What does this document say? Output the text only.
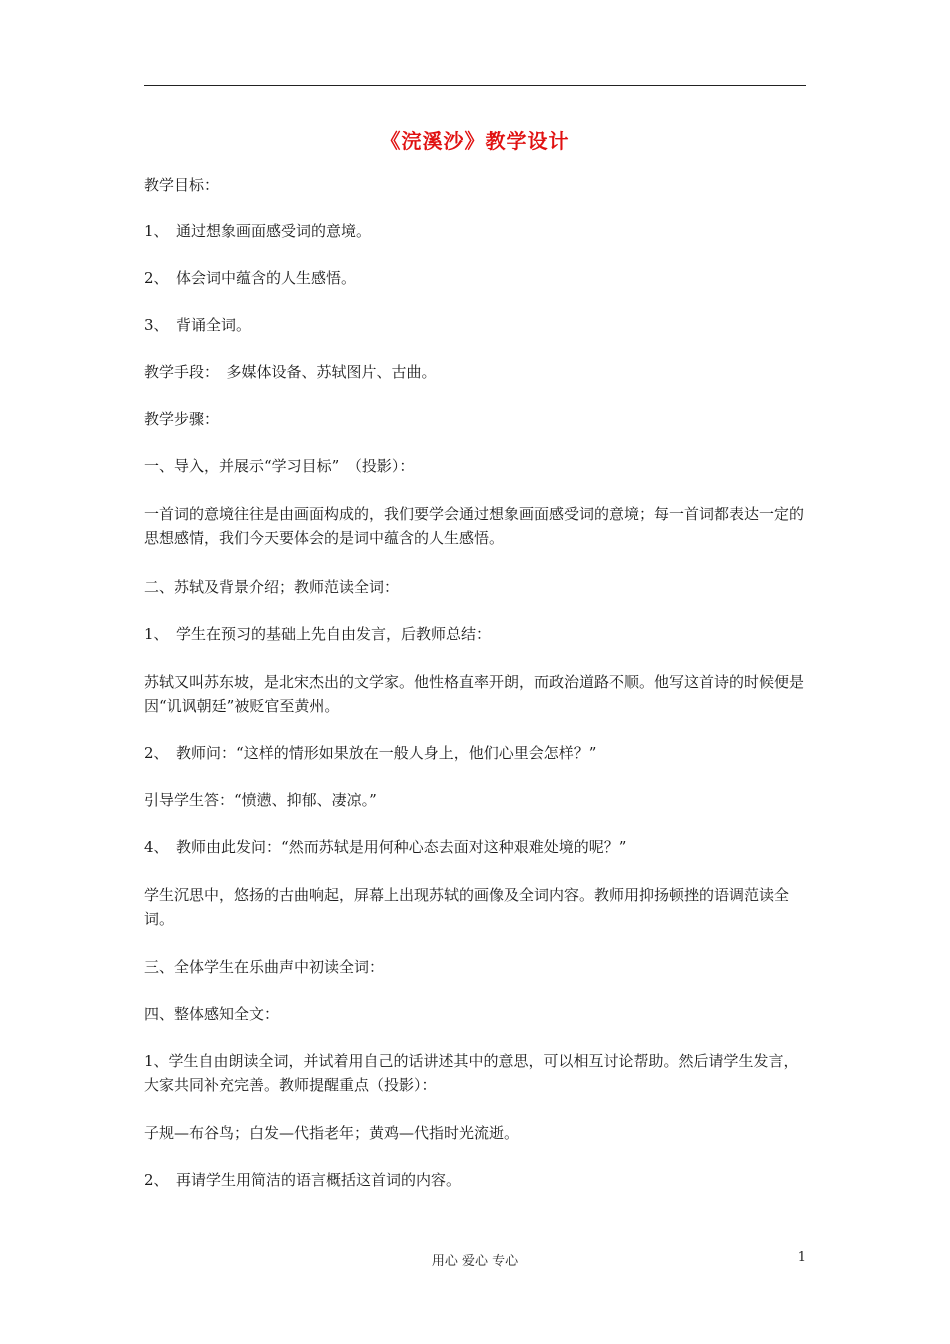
《浣溪沙》教学设计

教学目标：

1、　通过想象画面感受词的意境。

2、　体会词中蕴含的人生感悟。

3、　背诵全词。

教学手段：　多媒体设备、苏轼图片、古曲。

教学步骤：

一、导入，并展示“学习目标”　（投影）：

一首词的意境往往是由画面构成的，我们要学会通过想象画面感受词的意境；每一首词都表达一定的思想感情，我们今天要体会的是词中蕴含的人生感悟。

二、苏轼及背景介绍；教师范读全词：

1、　学生在预习的基础上先自由发言，后教师总结：

苏轼又叫苏东坡，是北宋杰出的文学家。他性格直率开朗，而政治道路不顺。他写这首诗的时候便是因“讥讽朝廷”被贬官至黄州。

2、　教师问：“这样的情形如果放在一般人身上，他们心里会怎样？”

引导学生答：“愤懑、抑郁、凄凉。”

4、　教师由此发问：“然而苏轼是用何种心态去面对这种艰难处境的呢？”

学生沉思中，悠扬的古曲响起，屏幕上出现苏轼的画像及全词内容。教师用抑扬顿挫的语调范读全词。

三、全体学生在乐曲声中初读全词：

四、整体感知全文：

1、学生自由朗读全词，并试着用自己的话讲述其中的意思，可以相互讨论帮助。然后请学生发言，大家共同补充完善。教师提醒重点（投影）：

子规—布谷鸟；白发—代指老年；黄鸡—代指时光流逝。

2、　再请学生用简洁的语言概括这首词的内容。

用心 爱心 专心	1
